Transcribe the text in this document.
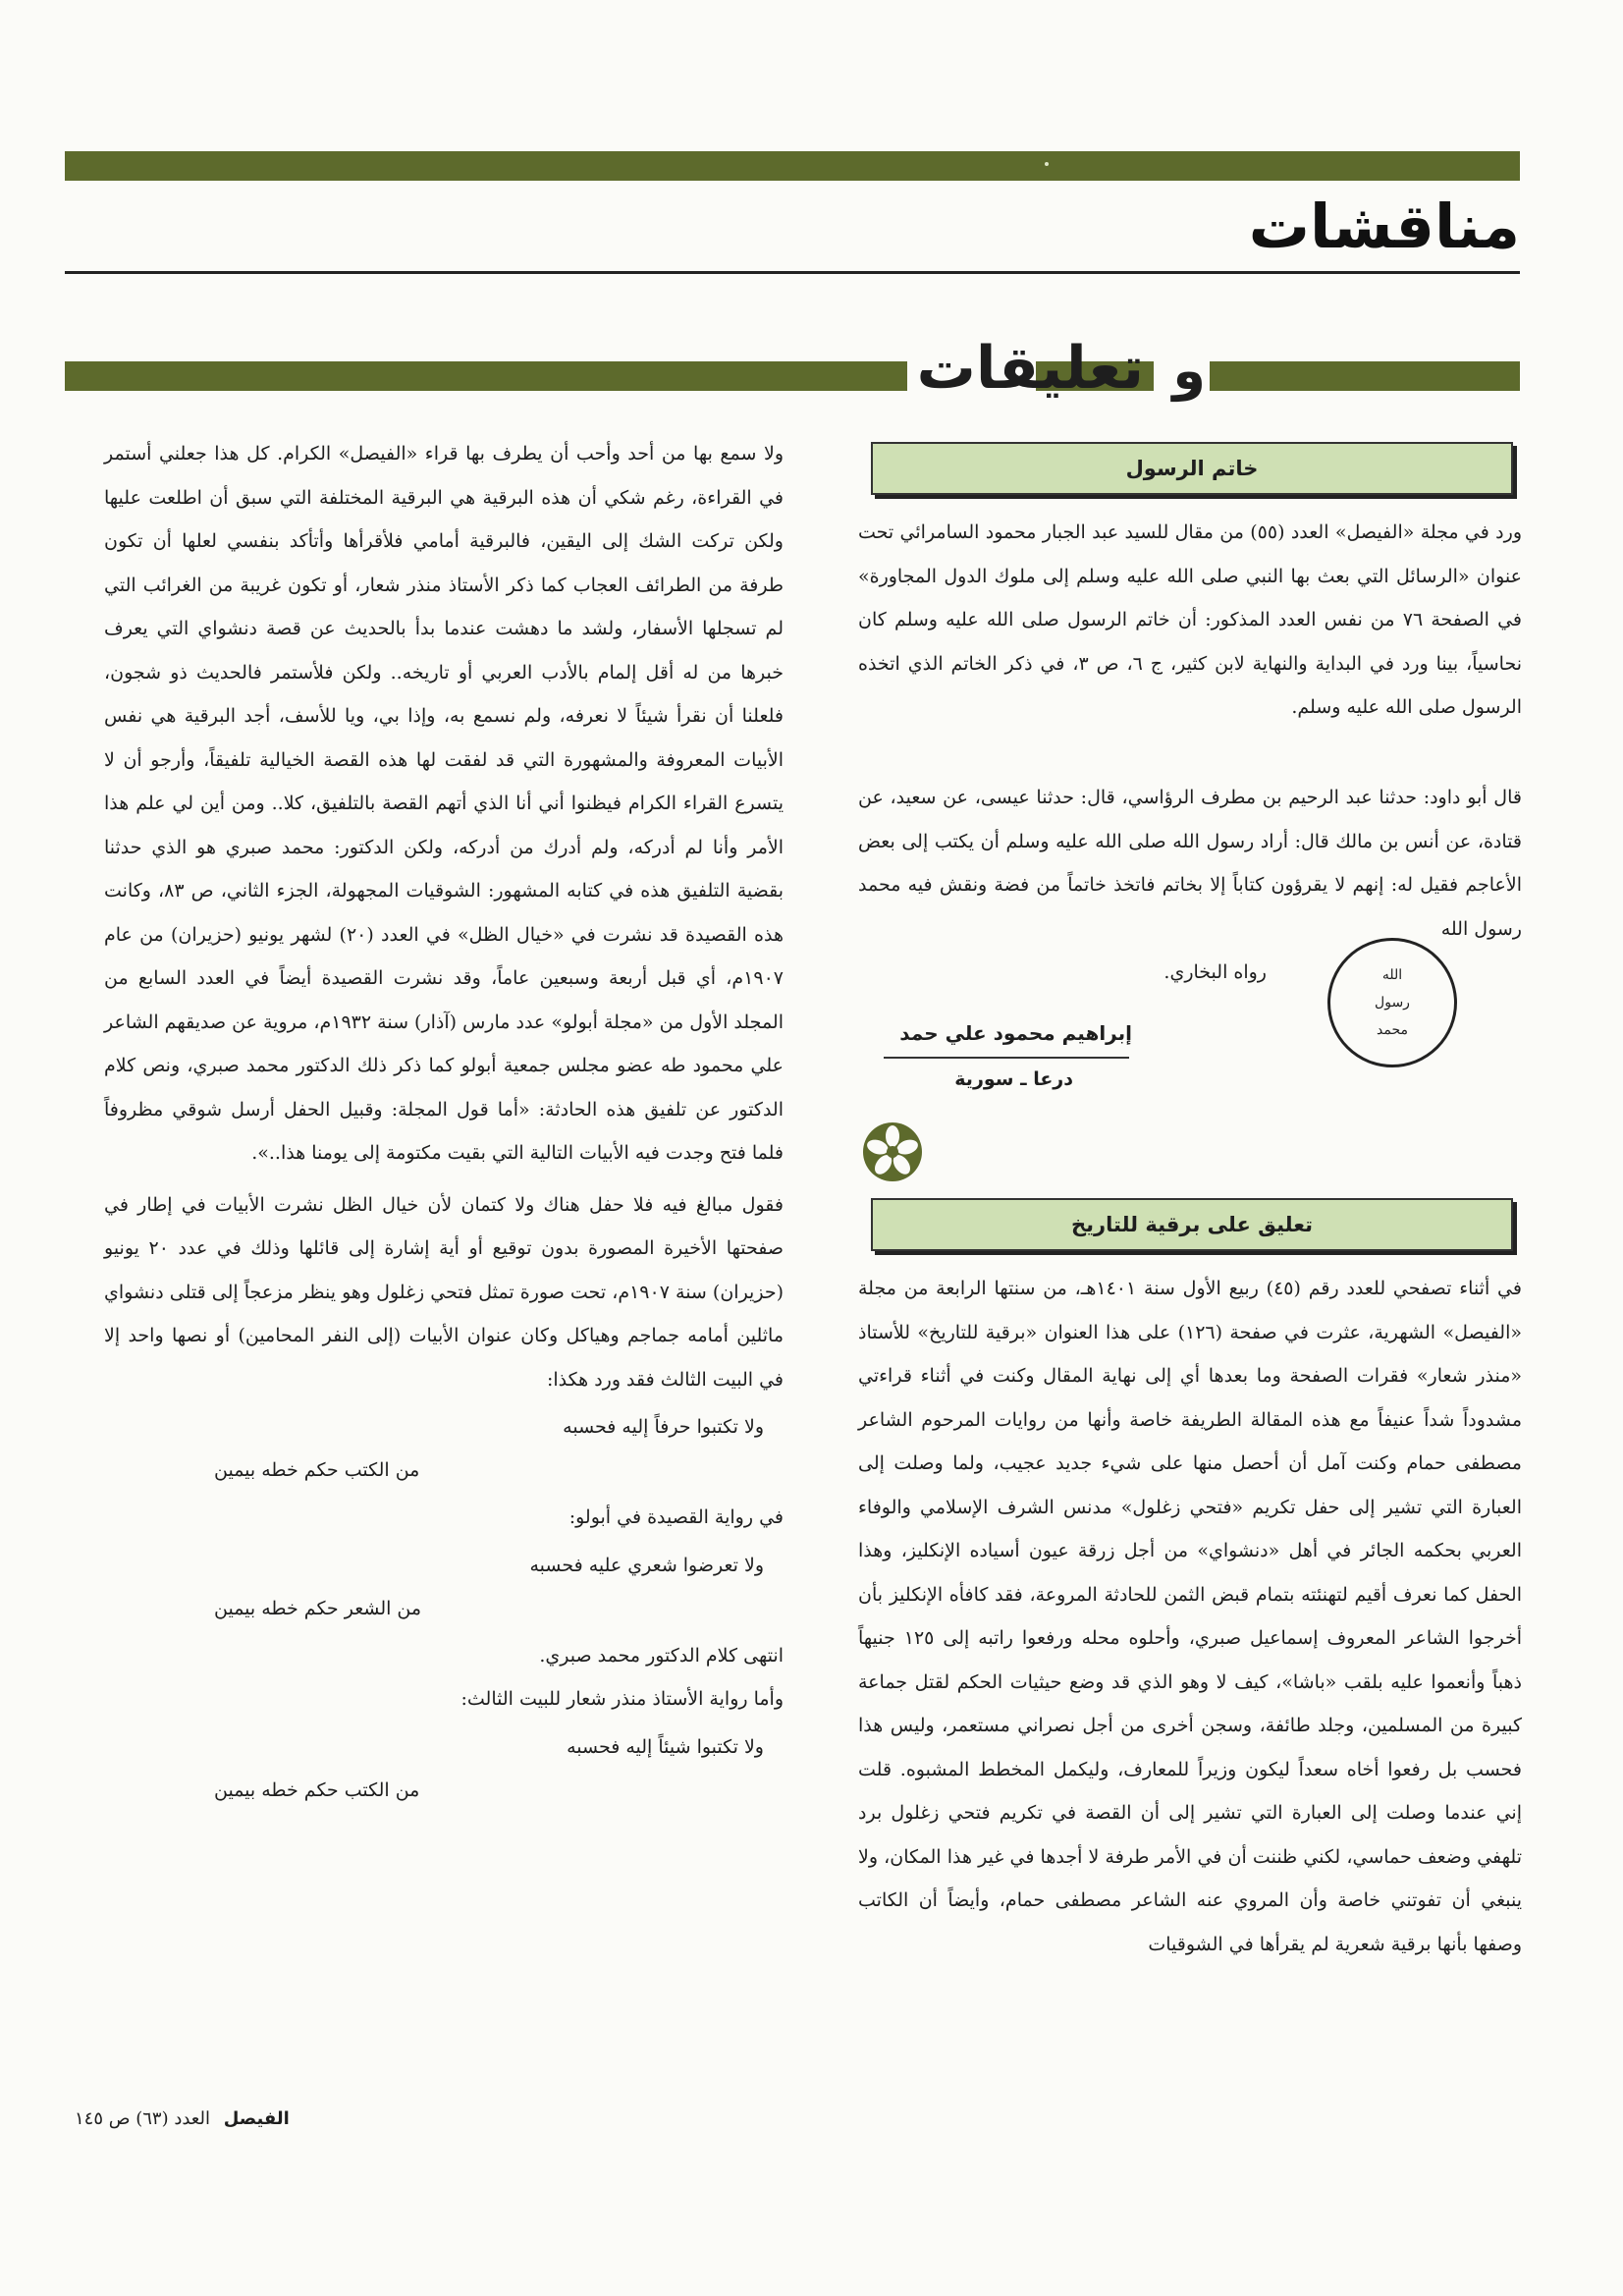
مناقشات
و
تعليقات
خاتم الرسول

ورد في مجلة «الفيصل» العدد (٥٥) من مقال للسيد عبد الجبار محمود السامرائي تحت عنوان «الرسائل التي بعث بها النبي صلى الله عليه وسلم إلى ملوك الدول المجاورة» في الصفحة ٧٦ من نفس العدد المذكور: أن خاتم الرسول صلى الله عليه وسلم كان نحاسياً، بينا ورد في البداية والنهاية لابن كثير، ج ٦، ص ٣، في ذكر الخاتم الذي اتخذه الرسول صلى الله عليه وسلم.

قال أبو داود: حدثنا عبد الرحيم بن مطرف الرؤاسي، قال: حدثنا عيسى، عن سعيد، عن قتادة، عن أنس بن مالك قال: أراد رسول الله صلى الله عليه وسلم أن يكتب إلى بعض الأعاجم فقيل له: إنهم لا يقرؤون كتاباً إلا بخاتم فاتخذ خاتماً من فضة ونقش فيه محمد رسول الله

رواه البخاري.	الله
رسول
محمد
إبراهيم محمود علي حمد
درعا ـ سورية
تعليق على برقية للتاريخ

في أثناء تصفحي للعدد رقم (٤٥) ربيع الأول سنة ١٤٠١هـ، من سنتها الرابعة من مجلة «الفيصل» الشهرية، عثرت في صفحة (١٢٦) على هذا العنوان «برقية للتاريخ» للأستاذ «منذر شعار» فقرات الصفحة وما بعدها أي إلى نهاية المقال وكنت في أثناء قراءتي مشدوداً شداً عنيفاً مع هذه المقالة الطريفة خاصة وأنها من روايات المرحوم الشاعر مصطفى حمام وكنت آمل أن أحصل منها على شيء جديد عجيب، ولما وصلت إلى العبارة التي تشير إلى حفل تكريم «فتحي زغلول» مدنس الشرف الإسلامي والوفاء العربي بحكمه الجائر في أهل «دنشواي» من أجل زرقة عيون أسياده الإنكليز، وهذا الحفل كما نعرف أقيم لتهنئته بتمام قبض الثمن للحادثة المروعة، فقد كافأه الإنكليز بأن أخرجوا الشاعر المعروف إسماعيل صبري، وأحلوه محله ورفعوا راتبه إلى ١٢٥ جنيهاً ذهباً وأنعموا عليه بلقب «باشا»، كيف لا وهو الذي قد وضع حيثيات الحكم لقتل جماعة كبيرة من المسلمين، وجلد طائفة، وسجن أخرى من أجل نصراني مستعمر، وليس هذا فحسب بل رفعوا أخاه سعداً ليكون وزيراً للمعارف، وليكمل المخطط المشبوه. قلت إني عندما وصلت إلى العبارة التي تشير إلى أن القصة في تكريم فتحي زغلول برد تلهفي وضعف حماسي، لكني ظننت أن في الأمر طرفة لا أجدها في غير هذا المكان، ولا ينبغي أن تفوتني خاصة وأن المروي عنه الشاعر مصطفى حمام، وأيضاً أن الكاتب وصفها بأنها برقية شعرية لم يقرأها في الشوقيات

ولا سمع بها من أحد وأحب أن يطرف بها قراء «الفيصل» الكرام. كل هذا جعلني أستمر في القراءة، رغم شكي أن هذه البرقية هي البرقية المختلفة التي سبق أن اطلعت عليها ولكن تركت الشك إلى اليقين، فالبرقية أمامي فلأقرأها وأتأكد بنفسي لعلها أن تكون طرفة من الطرائف العجاب كما ذكر الأستاذ منذر شعار، أو تكون غريبة من الغرائب التي لم تسجلها الأسفار، ولشد ما دهشت عندما بدأ بالحديث عن قصة دنشواي التي يعرف خبرها من له أقل إلمام بالأدب العربي أو تاريخه.. ولكن فلأستمر فالحديث ذو شجون، فلعلنا أن نقرأ شيئاً لا نعرفه، ولم نسمع به، وإذا بي، ويا للأسف، أجد البرقية هي نفس الأبيات المعروفة والمشهورة التي قد لفقت لها هذه القصة الخيالية تلفيقاً، وأرجو أن لا يتسرع القراء الكرام فيظنوا أني أنا الذي أتهم القصة بالتلفيق، كلا.. ومن أين لي علم هذا الأمر وأنا لم أدركه، ولم أدرك من أدركه، ولكن الدكتور: محمد صبري هو الذي حدثنا بقضية التلفيق هذه في كتابه المشهور: الشوقيات المجهولة، الجزء الثاني، ص ٨٣، وكانت هذه القصيدة قد نشرت في «خيال الظل» في العدد (٢٠) لشهر يونيو (حزيران) من عام ١٩٠٧م، أي قبل أربعة وسبعين عاماً، وقد نشرت القصيدة أيضاً في العدد السابع من المجلد الأول من «مجلة أبولو» عدد مارس (آذار) سنة ١٩٣٢م، مروية عن صديقهم الشاعر علي محمود طه عضو مجلس جمعية أبولو كما ذكر ذلك الدكتور محمد صبري، ونص كلام الدكتور عن تلفيق هذه الحادثة: «أما قول المجلة: وقبيل الحفل أرسل شوقي مظروفاً فلما فتح وجدت فيه الأبيات التالية التي بقيت مكتومة إلى يومنا هذا..».

فقول مبالغ فيه فلا حفل هناك ولا كتمان لأن خيال الظل نشرت الأبيات في إطار في صفحتها الأخيرة المصورة بدون توقيع أو أية إشارة إلى قائلها وذلك في عدد ٢٠ يونيو (حزيران) سنة ١٩٠٧م، تحت صورة تمثل فتحي زغلول وهو ينظر مزعجاً إلى قتلى دنشواي ماثلين أمامه جماجم وهياكل وكان عنوان الأبيات (إلى النفر المحامين) أو نصها واحد إلا في البيت الثالث فقد ورد هكذا:

ولا تكتبوا حرفاً إليه فحسبه
من الكتب حكم خطه بيمين

في رواية القصيدة في أبولو:

ولا تعرضوا شعري عليه فحسبه
من الشعر حكم خطه بيمين

انتهى كلام الدكتور محمد صبري.

وأما رواية الأستاذ منذر شعار للبيت الثالث:

ولا تكتبوا شيئاً إليه فحسبه
من الكتب حكم خطه بيمين
الفيصل العدد (٦٣) ص ١٤٥
